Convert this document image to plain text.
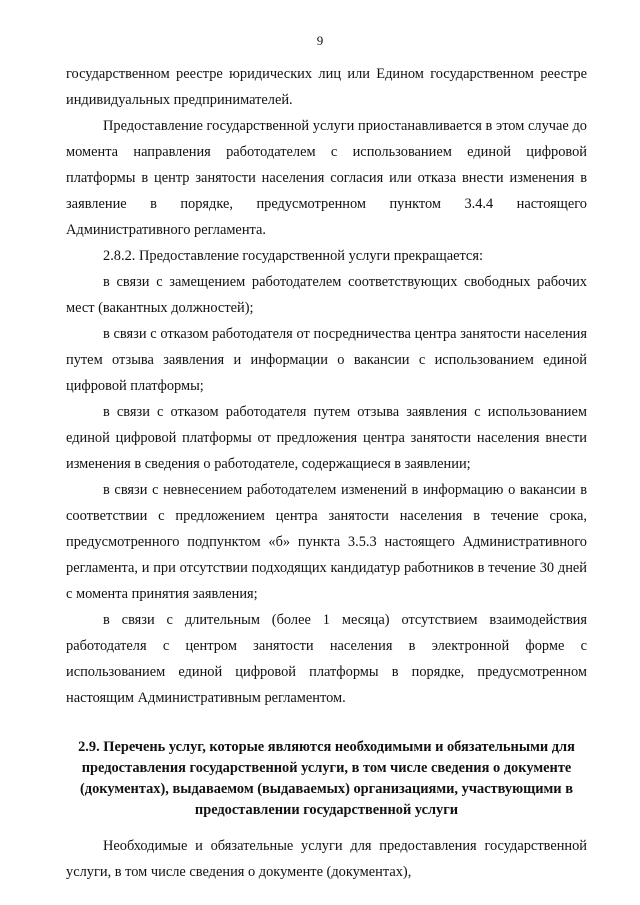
9

государственном реестре юридических лиц или Едином государственном реестре индивидуальных предпринимателей.

Предоставление государственной услуги приостанавливается в этом случае до момента направления работодателем с использованием единой цифровой платформы в центр занятости населения согласия или отказа внести изменения в заявление в порядке, предусмотренном пунктом 3.4.4 настоящего Административного регламента.

2.8.2. Предоставление государственной услуги прекращается:

в связи с замещением работодателем соответствующих свободных рабочих мест (вакантных должностей);

в связи с отказом работодателя от посредничества центра занятости населения путем отзыва заявления и информации о вакансии с использованием единой цифровой платформы;

в связи с отказом работодателя путем отзыва заявления с использованием единой цифровой платформы от предложения центра занятости населения внести изменения в сведения о работодателе, содержащиеся в заявлении;

в связи с невнесением работодателем изменений в информацию о вакансии в соответствии с предложением центра занятости населения в течение срока, предусмотренного подпунктом «б» пункта 3.5.3 настоящего Административного регламента, и при отсутствии подходящих кандидатур работников в течение 30 дней с момента принятия заявления;

в связи с длительным (более 1 месяца) отсутствием взаимодействия работодателя с центром занятости населения в электронной форме с использованием единой цифровой платформы в порядке, предусмотренном настоящим Административным регламентом.

2.9. Перечень услуг, которые являются необходимыми и обязательными для предоставления государственной услуги, в том числе сведения о документе (документах), выдаваемом (выдаваемых) организациями, участвующими в предоставлении государственной услуги

Необходимые и обязательные услуги для предоставления государственной услуги, в том числе сведения о документе (документах),
